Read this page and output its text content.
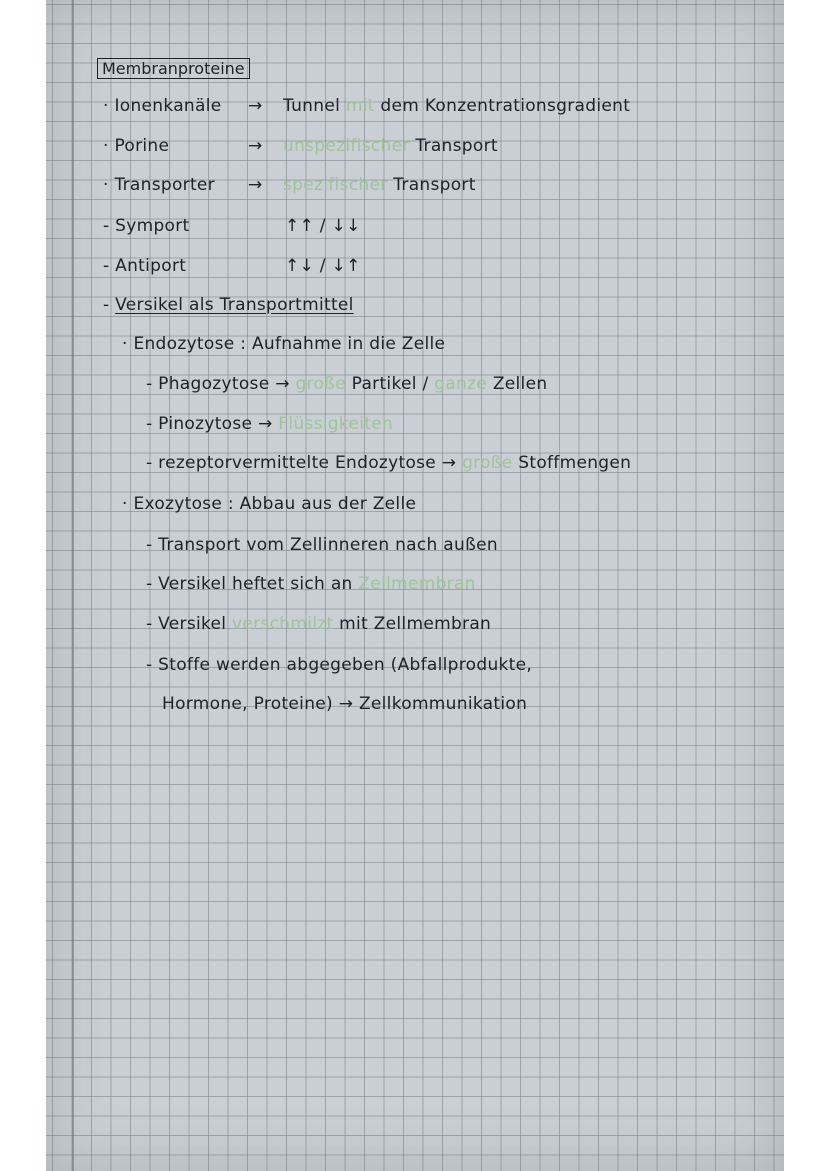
Membranproteine
· Ionenkanäle → Tunnel mit dem Konzentrationsgradient
· Porine	→ unspezifischer Transport
· Transporter → spezifischer Transport
- Symport	↑↑ / ↓↓
- Antiport	↑↓ / ↓↑
- Versikel als Transportmittel
· Endozytose : Aufnahme in die Zelle
- Phagozytose → große Partikel / ganze Zellen
- Pinozytose → Flüssigkeiten
- rezeptorvermittelte Endozytose → große Stoffmengen
· Exozytose : Abbau aus der Zelle
- Transport vom Zellinneren nach außen
- Versikel heftet sich an Zellmembran
- Versikel verschmilzt mit Zellmembran
- Stoffe werden abgegeben (Abfallprodukte,
Hormone, Proteine) → Zellkommunikation
